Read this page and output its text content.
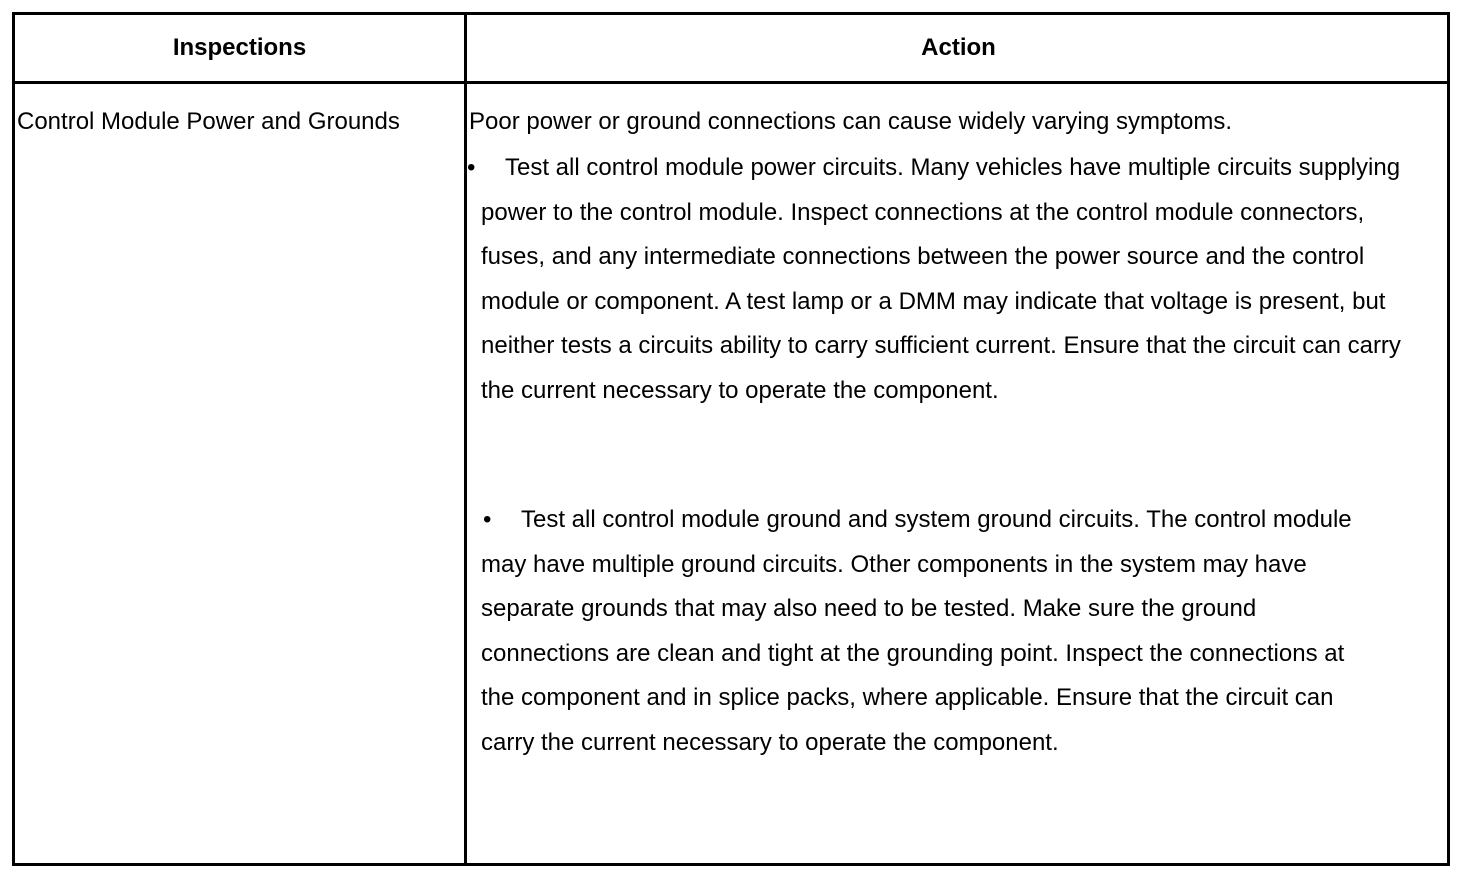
Inspections	Action
Control Module Power and Grounds	Poor power or ground connections can cause widely varying symptoms.
• Test all control module power circuits. Many vehicles have multiple circuits supplying power to the control module. Inspect connections at the control module connectors, fuses, and any intermediate connections between the power source and the control module or component. A test lamp or a DMM may indicate that voltage is present, but neither tests a circuits ability to carry sufficient current. Ensure that the circuit can carry the current necessary to operate the component.
• Test all control module ground and system ground circuits. The control module may have multiple ground circuits. Other components in the system may have separate grounds that may also need to be tested. Make sure the ground connections are clean and tight at the grounding point. Inspect the connections at the component and in splice packs, where applicable. Ensure that the circuit can carry the current necessary to operate the component.
